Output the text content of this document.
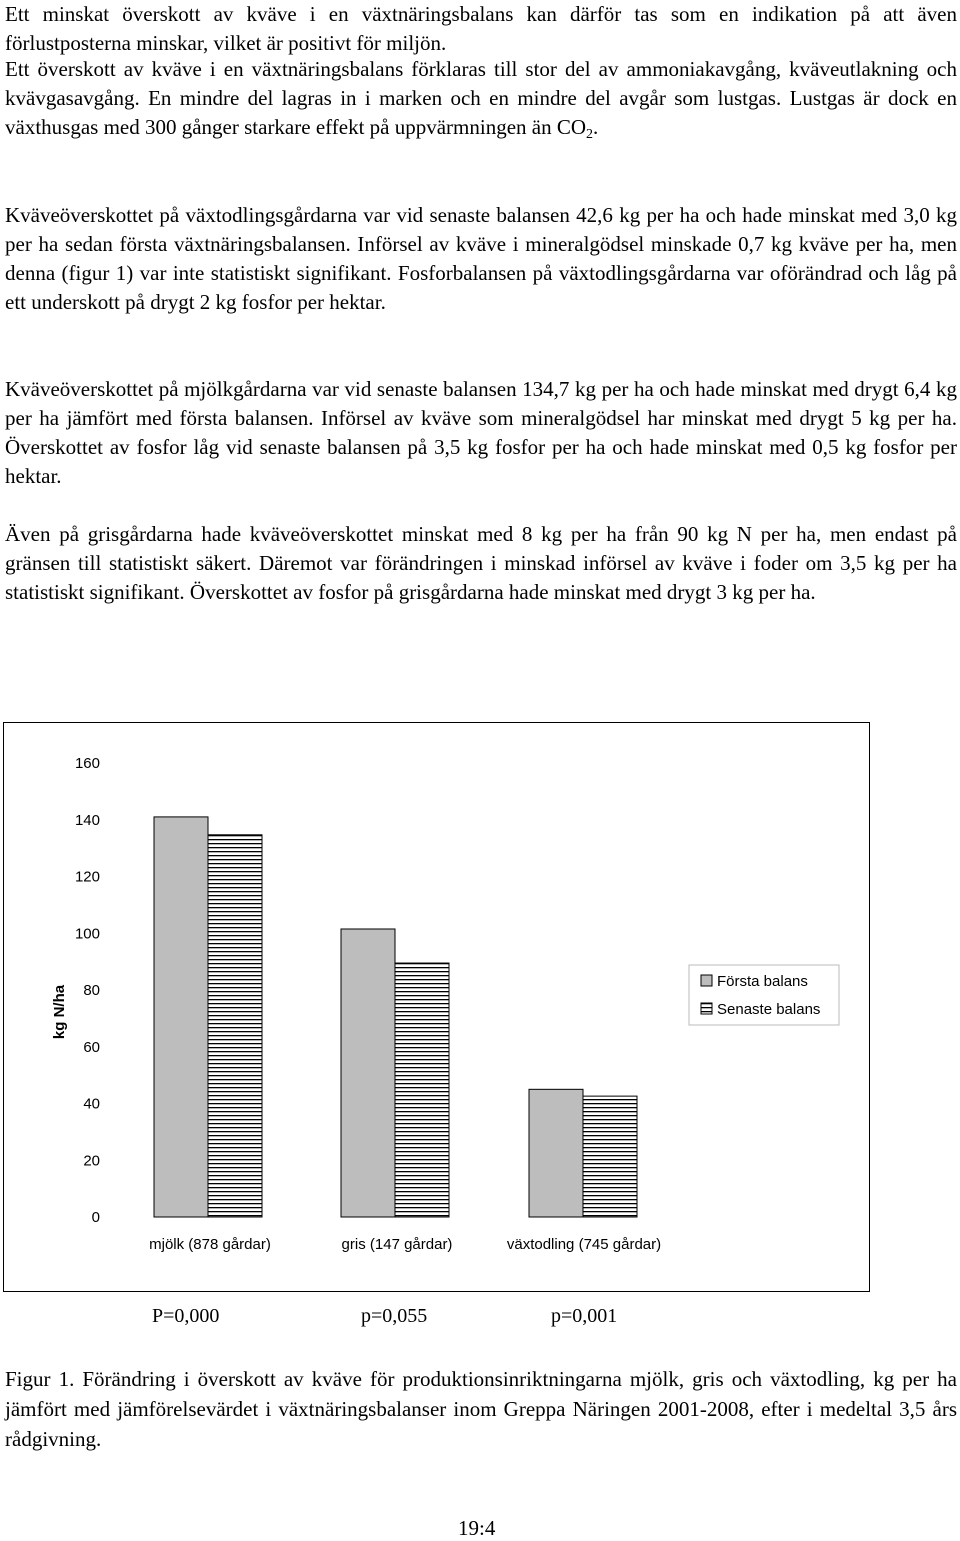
Ett minskat överskott av kväve i en växtnäringsbalans kan därför tas som en indikation på att även förlustposterna minskar, vilket är positivt för miljön.

Ett överskott av kväve i en växtnäringsbalans förklaras till stor del av ammoniakavgång, kväveutlakning och kvävgasavgång. En mindre del lagras in i marken och en mindre del avgår som lustgas. Lustgas är dock en växthusgas med 300 gånger starkare effekt på uppvärmningen än $CO_2$.

Kväveöverskottet på växtodlingsgårdarna var vid senaste balansen 42,6 kg per ha och hade minskat med 3,0 kg per ha sedan första växtnäringsbalansen. Införsel av kväve i mineralgödsel minskade 0,7 kg kväve per ha, men denna (figur 1) var inte statistiskt signifikant. Fosforbalansen på växtodlingsgårdarna var oförändrad och låg på ett underskott på drygt 2 kg fosfor per hektar.

Kväveöverskottet på mjölkgårdarna var vid senaste balansen 134,7 kg per ha och hade minskat med drygt 6,4 kg per ha jämfört med första balansen. Införsel av kväve som mineralgödsel har minskat med drygt 5 kg per ha. Överskottet av fosfor låg vid senaste balansen på 3,5 kg fosfor per ha och hade minskat med 0,5 kg fosfor per hektar.

Även på grisgårdarna hade kväveöverskottet minskat med 8 kg per ha från 90 kg N per ha, men endast på gränsen till statistiskt säkert. Däremot var förändringen i minskad införsel av kväve i foder om 3,5 kg per ha statistiskt signifikant. Överskottet av fosfor på grisgårdarna hade minskat med drygt 3 kg per ha.

kg N/ha
0
20
40
60
80
100
120
140
160
mjölk (878 gårdar)	gris (147 gårdar)	växtodling (745 gårdar)
Första balans
Senaste balans
P=0,000	p=0,055	p=0,001

Figur 1. Förändring i överskott av kväve för produktionsinriktningarna mjölk, gris och växtodling, kg per ha jämfört med jämförelsevärdet i växtnäringsbalanser inom Greppa Näringen 2001-2008, efter i medeltal 3,5 års rådgivning.

19:4
